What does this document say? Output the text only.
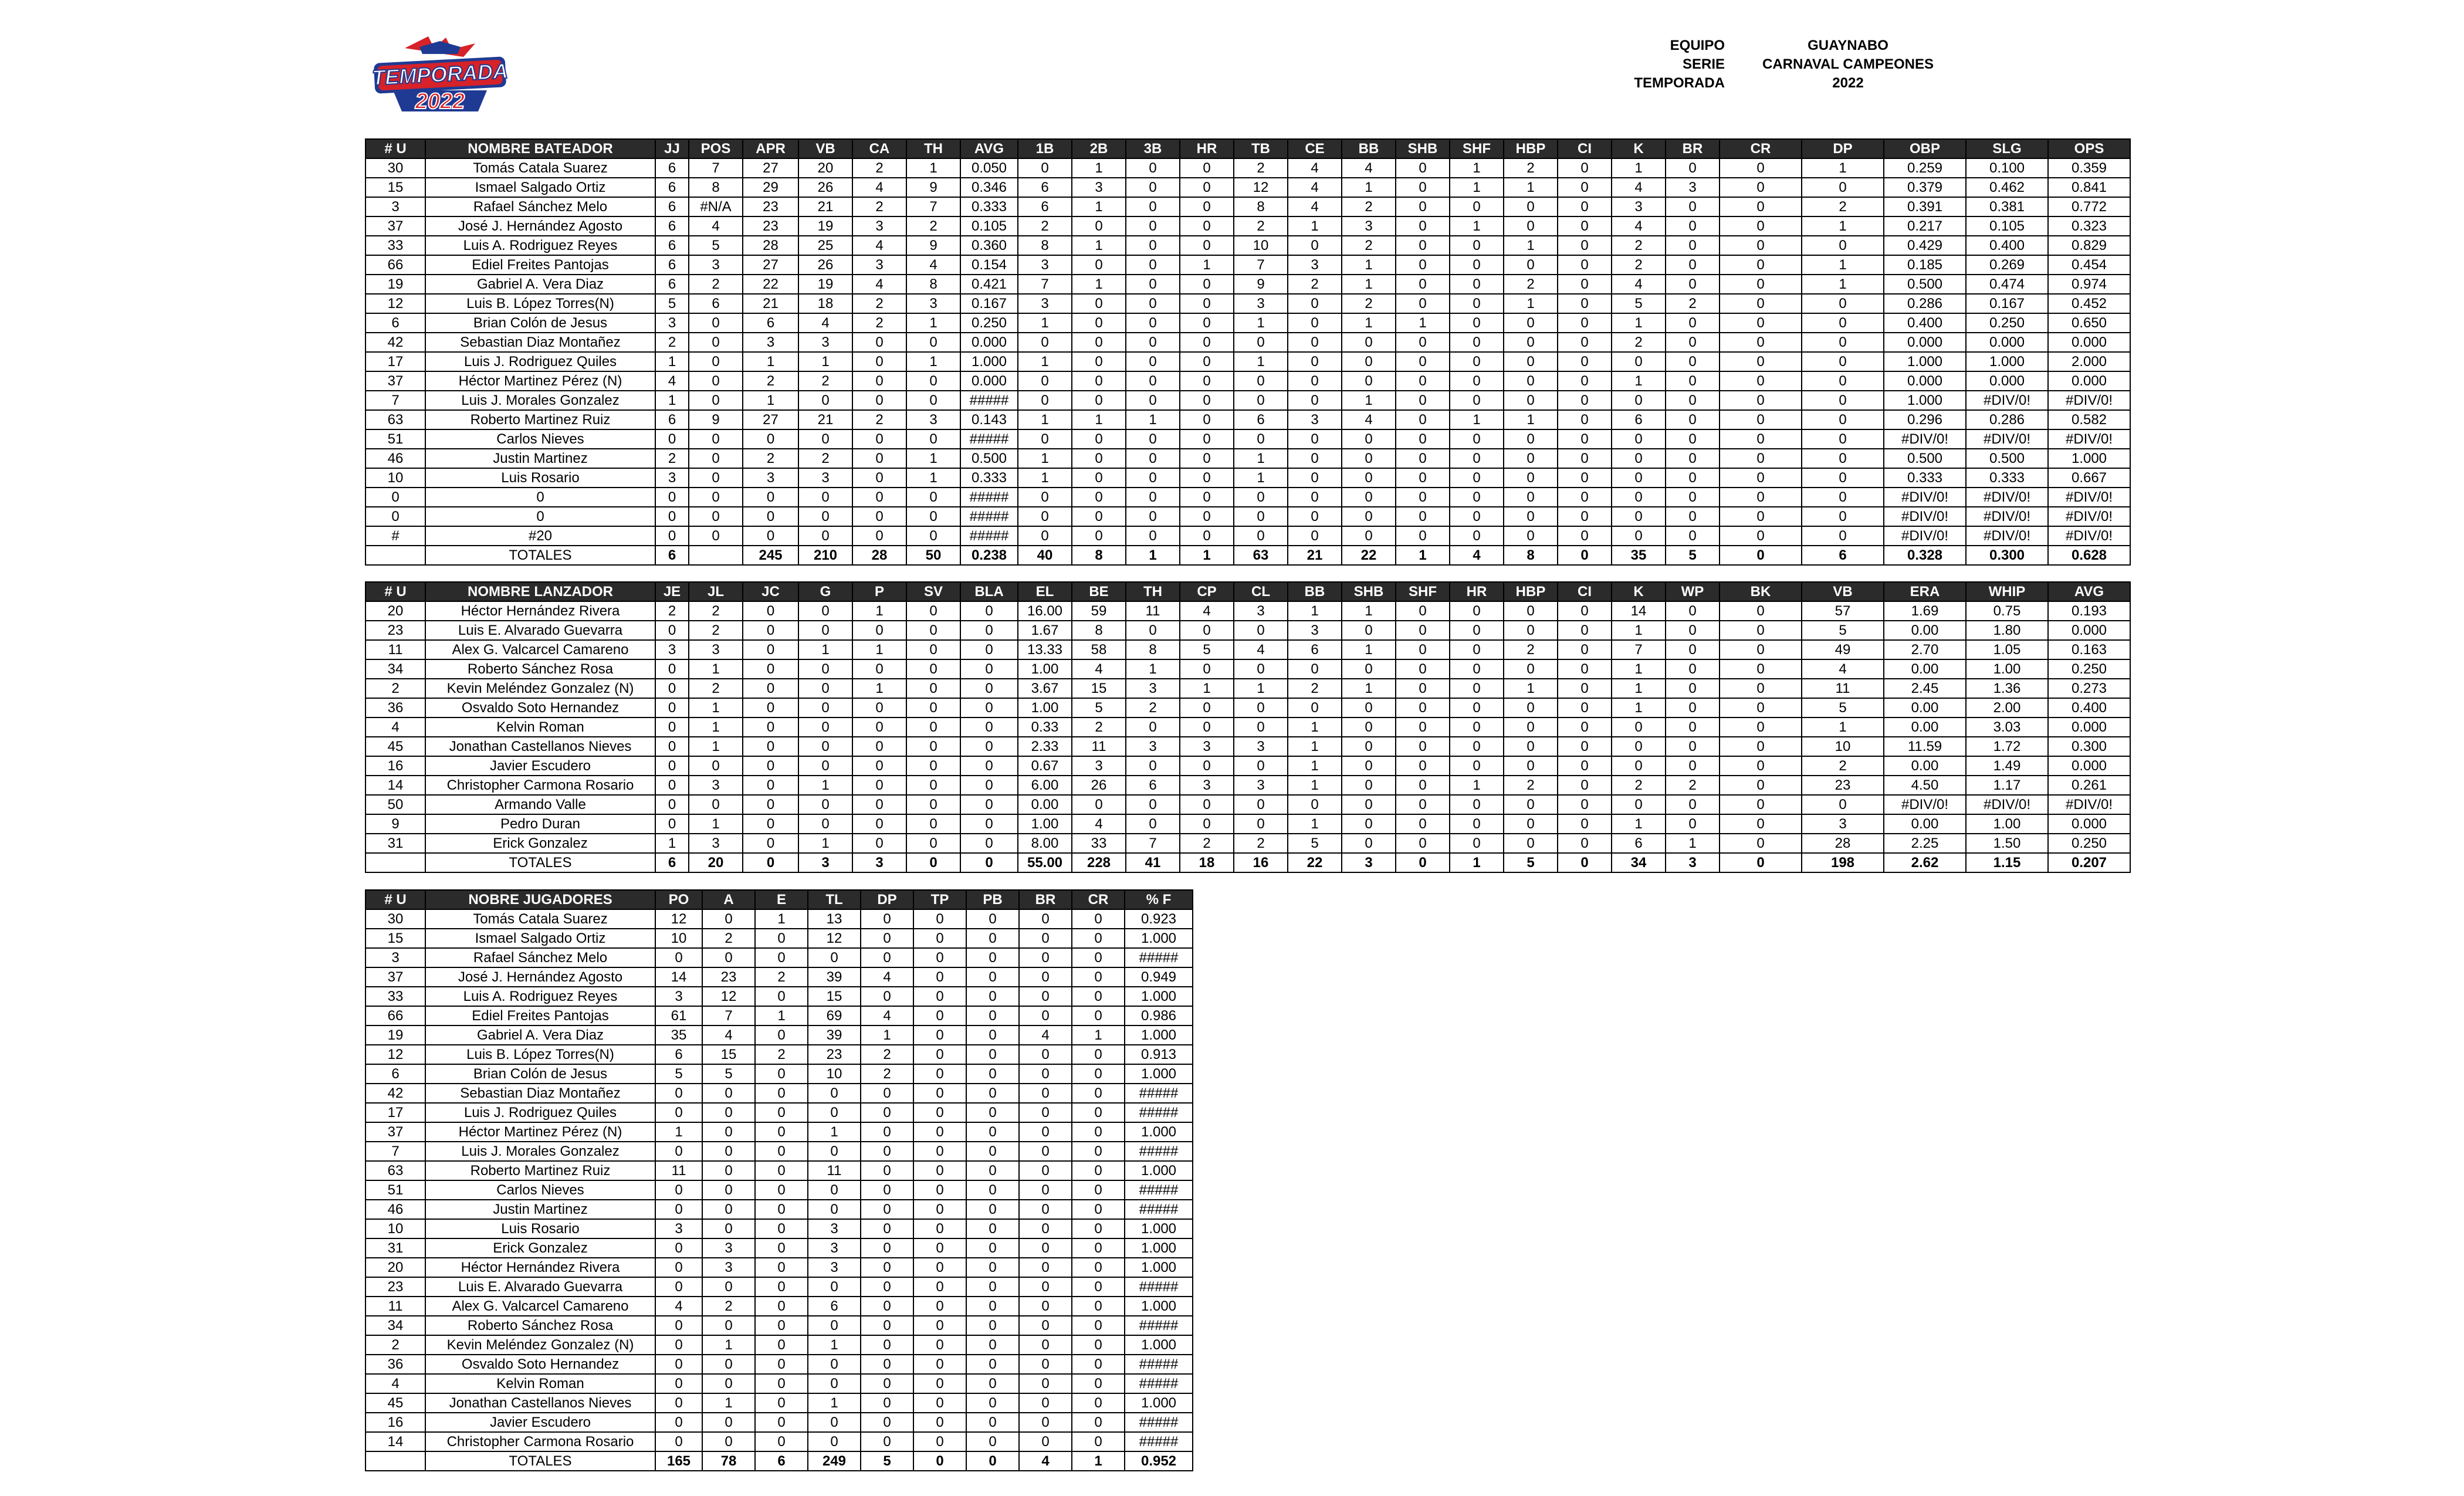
TEMPORADA
2022
EQUIPO	GUAYNABO
SERIE	CARNAVAL CAMPEONES
TEMPORADA	2022
# U	NOMBRE BATEADOR	JJ	POS	APR	VB	CA	TH	AVG	1B	2B	3B	HR	TB	CE	BB	SHB	SHF	HBP	CI	K	BR	CR	DP	OBP	SLG	OPS
30	Tomás Catala Suarez	6	7	27	20	2	1	0.050	0	1	0	0	2	4	4	0	1	2	0	1	0	0	1	0.259	0.100	0.359
15	Ismael Salgado Ortiz	6	8	29	26	4	9	0.346	6	3	0	0	12	4	1	0	1	1	0	4	3	0	0	0.379	0.462	0.841
3	Rafael Sánchez Melo	6	#N/A	23	21	2	7	0.333	6	1	0	0	8	4	2	0	0	0	0	3	0	0	2	0.391	0.381	0.772
37	José J. Hernández Agosto	6	4	23	19	3	2	0.105	2	0	0	0	2	1	3	0	1	0	0	4	0	0	1	0.217	0.105	0.323
33	Luis A. Rodriguez Reyes	6	5	28	25	4	9	0.360	8	1	0	0	10	0	2	0	0	1	0	2	0	0	0	0.429	0.400	0.829
66	Ediel Freites Pantojas	6	3	27	26	3	4	0.154	3	0	0	1	7	3	1	0	0	0	0	2	0	0	1	0.185	0.269	0.454
19	Gabriel A. Vera Diaz	6	2	22	19	4	8	0.421	7	1	0	0	9	2	1	0	0	2	0	4	0	0	1	0.500	0.474	0.974
12	Luis B. López Torres(N)	5	6	21	18	2	3	0.167	3	0	0	0	3	0	2	0	0	1	0	5	2	0	0	0.286	0.167	0.452
6	Brian Colón de Jesus	3	0	6	4	2	1	0.250	1	0	0	0	1	0	1	1	0	0	0	1	0	0	0	0.400	0.250	0.650
42	Sebastian Diaz Montañez	2	0	3	3	0	0	0.000	0	0	0	0	0	0	0	0	0	0	0	2	0	0	0	0.000	0.000	0.000
17	Luis J. Rodriguez Quiles	1	0	1	1	0	1	1.000	1	0	0	0	1	0	0	0	0	0	0	0	0	0	0	1.000	1.000	2.000
37	Héctor Martinez Pérez (N)	4	0	2	2	0	0	0.000	0	0	0	0	0	0	0	0	0	0	0	1	0	0	0	0.000	0.000	0.000
7	Luis J. Morales Gonzalez	1	0	1	0	0	0	#####	0	0	0	0	0	0	1	0	0	0	0	0	0	0	0	1.000	#DIV/0!	#DIV/0!
63	Roberto Martinez Ruiz	6	9	27	21	2	3	0.143	1	1	1	0	6	3	4	0	1	1	0	6	0	0	0	0.296	0.286	0.582
51	Carlos Nieves	0	0	0	0	0	0	#####	0	0	0	0	0	0	0	0	0	0	0	0	0	0	0	#DIV/0!	#DIV/0!	#DIV/0!
46	Justin Martinez	2	0	2	2	0	1	0.500	1	0	0	0	1	0	0	0	0	0	0	0	0	0	0	0.500	0.500	1.000
10	Luis Rosario	3	0	3	3	0	1	0.333	1	0	0	0	1	0	0	0	0	0	0	0	0	0	0	0.333	0.333	0.667
0	0	0	0	0	0	0	0	#####	0	0	0	0	0	0	0	0	0	0	0	0	0	0	0	#DIV/0!	#DIV/0!	#DIV/0!
0	0	0	0	0	0	0	0	#####	0	0	0	0	0	0	0	0	0	0	0	0	0	0	0	#DIV/0!	#DIV/0!	#DIV/0!
#	#20	0	0	0	0	0	0	#####	0	0	0	0	0	0	0	0	0	0	0	0	0	0	0	#DIV/0!	#DIV/0!	#DIV/0!
	TOTALES	6		245	210	28	50	0.238	40	8	1	1	63	21	22	1	4	8	0	35	5	0	6	0.328	0.300	0.628
# U	NOMBRE LANZADOR	JE	JL	JC	G	P	SV	BLA	EL	BE	TH	CP	CL	BB	SHB	SHF	HR	HBP	CI	K	WP	BK	VB	ERA	WHIP	AVG
20	Héctor Hernández Rivera	2	2	0	0	1	0	0	16.00	59	11	4	3	1	1	0	0	0	0	14	0	0	57	1.69	0.75	0.193
23	Luis E. Alvarado Guevarra	0	2	0	0	0	0	0	1.67	8	0	0	0	3	0	0	0	0	0	1	0	0	5	0.00	1.80	0.000
11	Alex G. Valcarcel Camareno	3	3	0	1	1	0	0	13.33	58	8	5	4	6	1	0	0	2	0	7	0	0	49	2.70	1.05	0.163
34	Roberto Sánchez Rosa	0	1	0	0	0	0	0	1.00	4	1	0	0	0	0	0	0	0	0	1	0	0	4	0.00	1.00	0.250
2	Kevin Meléndez Gonzalez (N)	0	2	0	0	1	0	0	3.67	15	3	1	1	2	1	0	0	1	0	1	0	0	11	2.45	1.36	0.273
36	Osvaldo Soto Hernandez	0	1	0	0	0	0	0	1.00	5	2	0	0	0	0	0	0	0	0	1	0	0	5	0.00	2.00	0.400
4	Kelvin Roman	0	1	0	0	0	0	0	0.33	2	0	0	0	1	0	0	0	0	0	0	0	0	1	0.00	3.03	0.000
45	Jonathan Castellanos Nieves	0	1	0	0	0	0	0	2.33	11	3	3	3	1	0	0	0	0	0	0	0	0	10	11.59	1.72	0.300
16	Javier Escudero	0	0	0	0	0	0	0	0.67	3	0	0	0	1	0	0	0	0	0	0	0	0	2	0.00	1.49	0.000
14	Christopher Carmona Rosario	0	3	0	1	0	0	0	6.00	26	6	3	3	1	0	0	1	2	0	2	2	0	23	4.50	1.17	0.261
50	Armando Valle	0	0	0	0	0	0	0	0.00	0	0	0	0	0	0	0	0	0	0	0	0	0	0	#DIV/0!	#DIV/0!	#DIV/0!
9	Pedro Duran	0	1	0	0	0	0	0	1.00	4	0	0	0	1	0	0	0	0	0	1	0	0	3	0.00	1.00	0.000
31	Erick Gonzalez	1	3	0	1	0	0	0	8.00	33	7	2	2	5	0	0	0	0	0	6	1	0	28	2.25	1.50	0.250
	TOTALES	6	20	0	3	3	0	0	55.00	228	41	18	16	22	3	0	1	5	0	34	3	0	198	2.62	1.15	0.207
# U	NOBRE JUGADORES	PO	A	E	TL	DP	TP	PB	BR	CR	% F
30	Tomás Catala Suarez	12	0	1	13	0	0	0	0	0	0.923
15	Ismael Salgado Ortiz	10	2	0	12	0	0	0	0	0	1.000
3	Rafael Sánchez Melo	0	0	0	0	0	0	0	0	0	#####
37	José J. Hernández Agosto	14	23	2	39	4	0	0	0	0	0.949
33	Luis A. Rodriguez Reyes	3	12	0	15	0	0	0	0	0	1.000
66	Ediel Freites Pantojas	61	7	1	69	4	0	0	0	0	0.986
19	Gabriel A. Vera Diaz	35	4	0	39	1	0	0	4	1	1.000
12	Luis B. López Torres(N)	6	15	2	23	2	0	0	0	0	0.913
6	Brian Colón de Jesus	5	5	0	10	2	0	0	0	0	1.000
42	Sebastian Diaz Montañez	0	0	0	0	0	0	0	0	0	#####
17	Luis J. Rodriguez Quiles	0	0	0	0	0	0	0	0	0	#####
37	Héctor Martinez Pérez (N)	1	0	0	1	0	0	0	0	0	1.000
7	Luis J. Morales Gonzalez	0	0	0	0	0	0	0	0	0	#####
63	Roberto Martinez Ruiz	11	0	0	11	0	0	0	0	0	1.000
51	Carlos Nieves	0	0	0	0	0	0	0	0	0	#####
46	Justin Martinez	0	0	0	0	0	0	0	0	0	#####
10	Luis Rosario	3	0	0	3	0	0	0	0	0	1.000
31	Erick Gonzalez	0	3	0	3	0	0	0	0	0	1.000
20	Héctor Hernández Rivera	0	3	0	3	0	0	0	0	0	1.000
23	Luis E. Alvarado Guevarra	0	0	0	0	0	0	0	0	0	#####
11	Alex G. Valcarcel Camareno	4	2	0	6	0	0	0	0	0	1.000
34	Roberto Sánchez Rosa	0	0	0	0	0	0	0	0	0	#####
2	Kevin Meléndez Gonzalez (N)	0	1	0	1	0	0	0	0	0	1.000
36	Osvaldo Soto Hernandez	0	0	0	0	0	0	0	0	0	#####
4	Kelvin Roman	0	0	0	0	0	0	0	0	0	#####
45	Jonathan Castellanos Nieves	0	1	0	1	0	0	0	0	0	1.000
16	Javier Escudero	0	0	0	0	0	0	0	0	0	#####
14	Christopher Carmona Rosario	0	0	0	0	0	0	0	0	0	#####
	TOTALES	165	78	6	249	5	0	0	4	1	0.952
